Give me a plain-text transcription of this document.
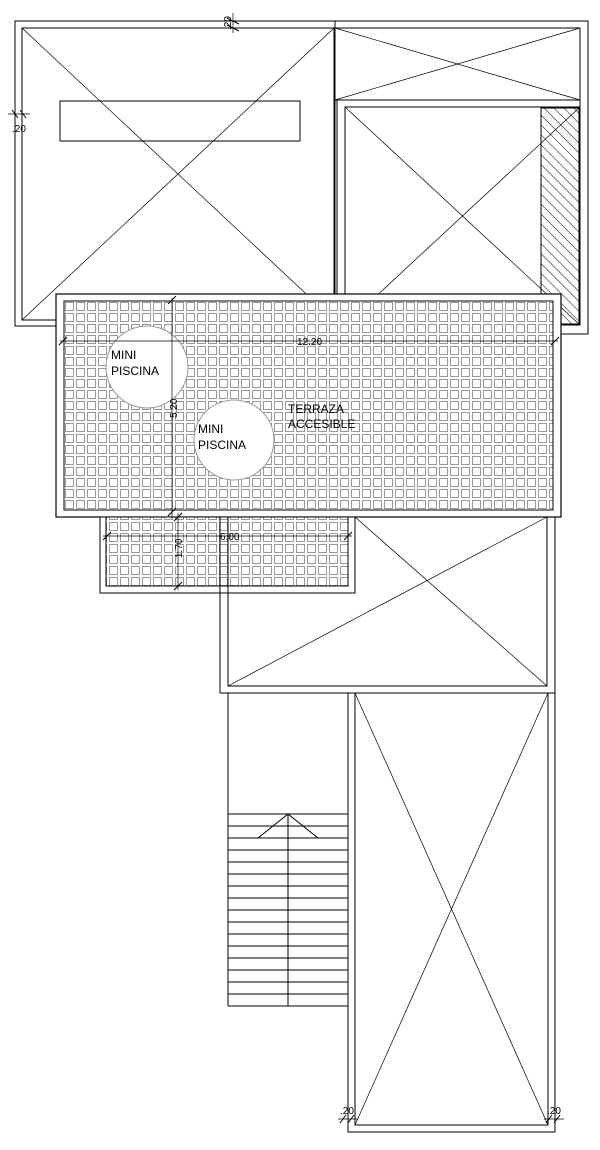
MINI
PISCINA
MINI
PISCINA
TERRAZA
ACCESIBLE
.20
.20
12.20
5.20
6.00
1.70
.20	.20
